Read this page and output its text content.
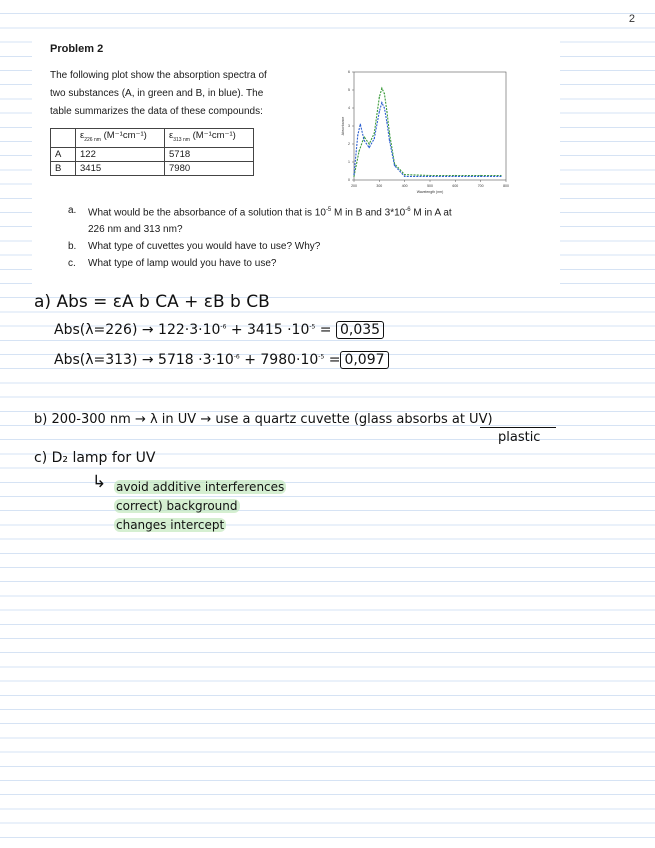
2
Problem 2
The following plot show the absorption spectra of
two substances (A, in green and B, in blue). The
table summarizes the data of these compounds:
	$\varepsilon_{226 nm}$ (M⁻¹cm⁻¹)	$\varepsilon_{313 nm}$ (M⁻¹cm⁻¹)
A	122	5718
B	3415	7980
200	300	400	500	600	700	800
0
1
2
3
4
5
6
Wavelength (nm)
Absorbance
a. What would be the absorbance of a solution that is $10^{-5}$ M in B and $3*10^{-6}$ M in A at
226 nm and 313 nm?
b. What type of cuvettes you would have to use? Why?
c. What type of lamp would you have to use?
a) Abs = εA b CA + εB b CB
$Abs(\lambda=226) \to 122\cdot 3\cdot 10^{-6} + 3415 \cdot 10^{-5} = 0,035$
$Abs(\lambda=313) \to 5718 \cdot 3\cdot 10^{-6} + 7980\cdot 10^{-5} = 0,097$
b) 200-300 nm → λ in UV → use a quartz cuvette (glass absorbs at UV)
plastic
c) D₂ lamp for UV
↳ avoid additive interferences
correct) background
changes intercept
